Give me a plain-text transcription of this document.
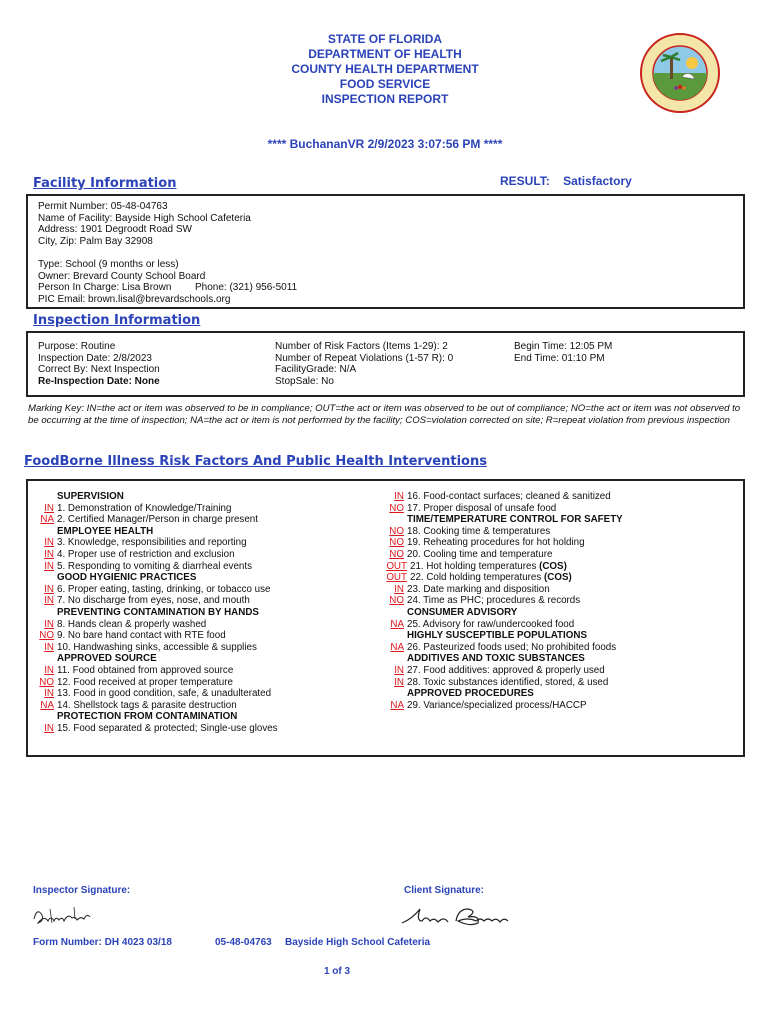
STATE OF FLORIDA
DEPARTMENT OF HEALTH
COUNTY HEALTH DEPARTMENT
FOOD SERVICE
INSPECTION REPORT
**** BuchananVR 2/9/2023 3:07:56 PM ****
Facility Information	RESULT: Satisfactory
Permit Number: 05-48-04763
Name of Facility: Bayside High School Cafeteria
Address: 1901 Degroodt Road SW
City, Zip: Palm Bay 32908
Type: School (9 months or less)
Owner: Brevard County School Board
Person In Charge: Lisa Brown Phone: (321) 956-5011
PIC Email: brown.lisal@brevardschools.org
Inspection Information
Purpose: Routine
Inspection Date: 2/8/2023
Correct By: Next Inspection
Re-Inspection Date: None
Number of Risk Factors (Items 1-29): 2
Number of Repeat Violations (1-57 R): 0
FacilityGrade: N/A
StopSale: No
Begin Time: 12:05 PM
End Time: 01:10 PM
Marking Key: IN=the act or item was observed to be in compliance; OUT=the act or item was observed to be out of compliance; NO=the act or item was not observed to be occurring at the time of inspection; NA=the act or item is not performed by the facility; COS=violation corrected on site; R=repeat violation from previous inspection
FoodBorne Illness Risk Factors And Public Health Interventions
SUPERVISION
IN 1. Demonstration of Knowledge/Training
NA 2. Certified Manager/Person in charge present
EMPLOYEE HEALTH
IN 3. Knowledge, responsibilities and reporting
IN 4. Proper use of restriction and exclusion
IN 5. Responding to vomiting & diarrheal events
GOOD HYGIENIC PRACTICES
IN 6. Proper eating, tasting, drinking, or tobacco use
IN 7. No discharge from eyes, nose, and mouth
PREVENTING CONTAMINATION BY HANDS
IN 8. Hands clean & properly washed
NO 9. No bare hand contact with RTE food
IN 10. Handwashing sinks, accessible & supplies
APPROVED SOURCE
IN 11. Food obtained from approved source
NO 12. Food received at proper temperature
IN 13. Food in good condition, safe, & unadulterated
NA 14. Shellstock tags & parasite destruction
PROTECTION FROM CONTAMINATION
IN 15. Food separated & protected; Single-use gloves
IN 16. Food-contact surfaces; cleaned & sanitized
NO 17. Proper disposal of unsafe food
TIME/TEMPERATURE CONTROL FOR SAFETY
NO 18. Cooking time & temperatures
NO 19. Reheating procedures for hot holding
NO 20. Cooling time and temperature
OUT 21. Hot holding temperatures
(COS)
OUT 22. Cold holding temperatures
(COS)
IN 23. Date marking and disposition
NO 24. Time as PHC; procedures & records
CONSUMER ADVISORY
NA 25. Advisory for raw/undercooked food
HIGHLY SUSCEPTIBLE POPULATIONS
NA 26. Pasteurized foods used; No prohibited foods
ADDITIVES AND TOXIC SUBSTANCES
IN 27. Food additives: approved & properly used
IN 28. Toxic substances identified, stored, & used
APPROVED PROCEDURES
NA 29. Variance/specialized process/HACCP
Inspector Signature:	Client Signature:
Form Number: DH 4023 03/18	05-48-04763 Bayside High School Cafeteria
1 of 3
